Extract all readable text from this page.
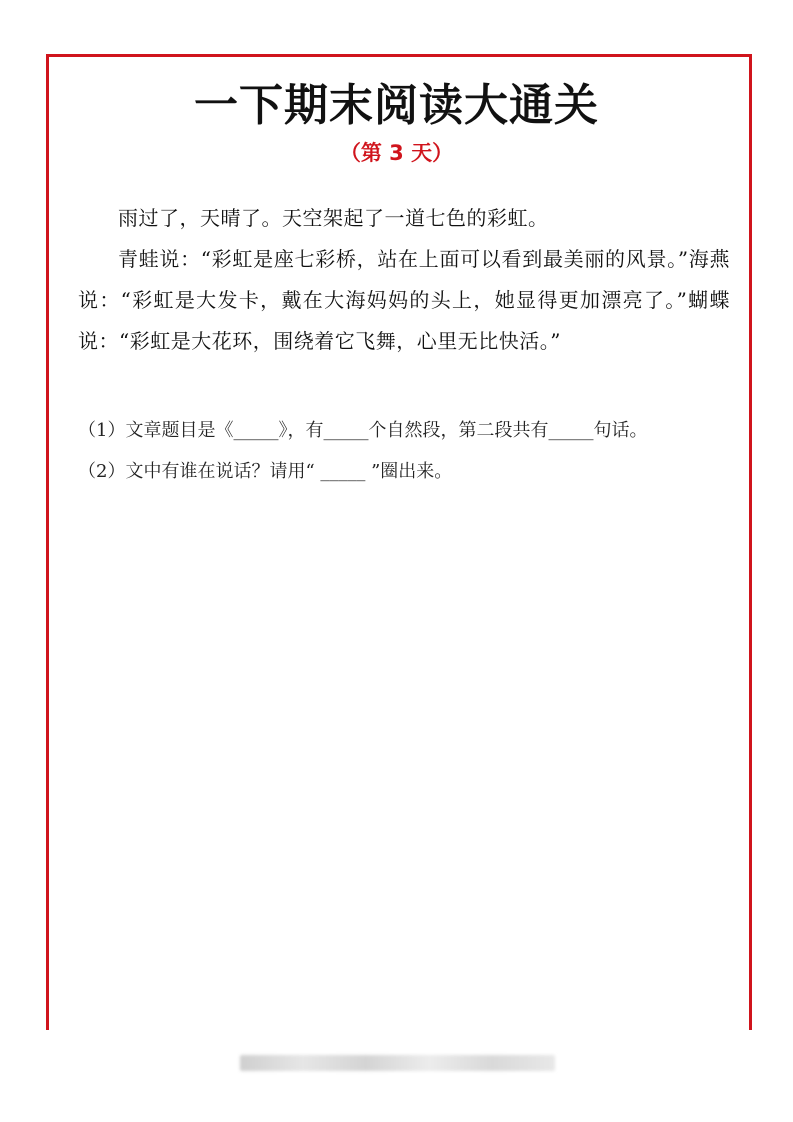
一下期末阅读大通关
（第 3 天）

雨过了，天晴了。天空架起了一道七色的彩虹。

青蛙说：“彩虹是座七彩桥，站在上面可以看到最美丽的风景。”海燕说：“彩虹是大发卡，戴在大海妈妈的头上，她显得更加漂亮了。”蝴蝶说：“彩虹是大花环，围绕着它飞舞，心里无比快活。”

（1）文章题目是《_____》，有_____个自然段，第二段共有_____句话。

（2）文中有谁在说话？请用“ _____ ”圈出来。
